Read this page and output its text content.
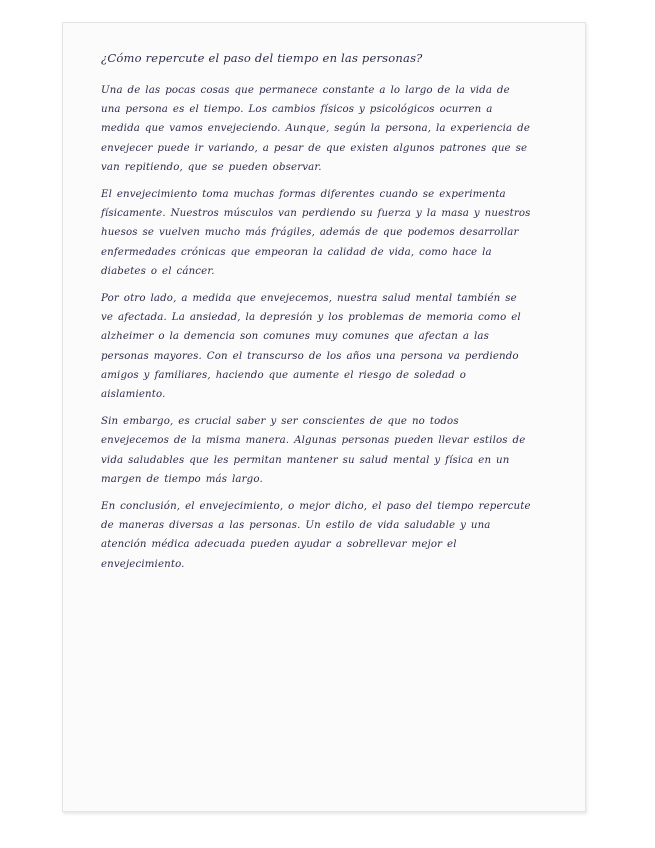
¿Cómo repercute el paso del tiempo en las personas?

Una de las pocas cosas que permanece constante a lo largo de la vida de una persona es el tiempo. Los cambios físicos y psicológicos ocurren a medida que vamos envejeciendo. Aunque, según la persona, la experiencia de envejecer puede ir variando, a pesar de que existen algunos patrones que se van repitiendo, que se pueden observar.

El envejecimiento toma muchas formas diferentes cuando se experimenta físicamente. Nuestros músculos van perdiendo su fuerza y la masa y nuestros huesos se vuelven mucho más frágiles, además de que podemos desarrollar enfermedades crónicas que empeoran la calidad de vida, como hace la diabetes o el cáncer.

Por otro lado, a medida que envejecemos, nuestra salud mental también se ve afectada. La ansiedad, la depresión y los problemas de memoria como el alzheimer o la demencia son comunes muy comunes que afectan a las personas mayores. Con el transcurso de los años una persona va perdiendo amigos y familiares, haciendo que aumente el riesgo de soledad o aislamiento.

Sin embargo, es crucial saber y ser conscientes de que no todos envejecemos de la misma manera. Algunas personas pueden llevar estilos de vida saludables que les permitan mantener su salud mental y física en un margen de tiempo más largo.

En conclusión, el envejecimiento, o mejor dicho, el paso del tiempo repercute de maneras diversas a las personas. Un estilo de vida saludable y una atención médica adecuada pueden ayudar a sobrellevar mejor el envejecimiento.
